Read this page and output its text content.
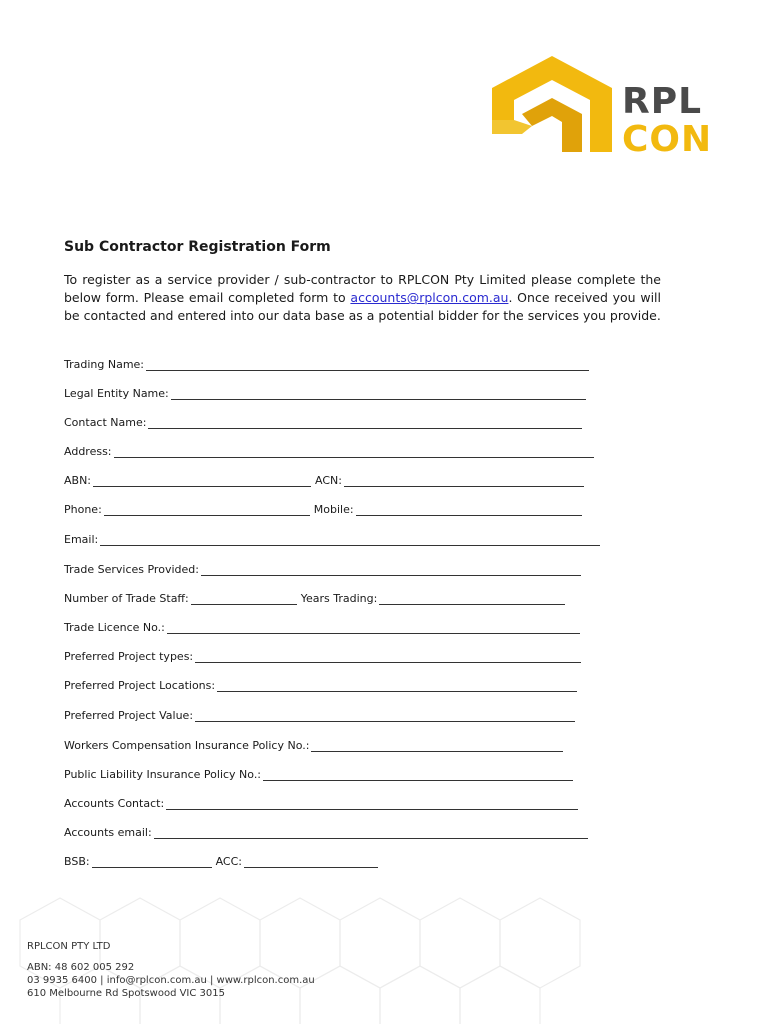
RPL
CON
Sub Contractor Registration Form

To register as a service provider / sub-contractor to RPLCON Pty Limited please complete the below form. Please email completed form to accounts@rplcon.com.au. Once received you will be contacted and entered into our data base as a potential bidder for the services you provide.

Trading Name:
Legal Entity Name:
Contact Name:
Address:
ABN:	ACN:
Phone:	Mobile:
Email:
Trade Services Provided:
Number of Trade Staff:	Years Trading:
Trade Licence No.:
Preferred Project types:
Preferred Project Locations:
Preferred Project Value:
Workers Compensation Insurance Policy No.:
Public Liability Insurance Policy No.:
Accounts Contact:
Accounts email:
BSB:	ACC:
RPLCON PTY LTD
ABN: 48 602 005 292
03 9935 6400 | info@rplcon.com.au | www.rplcon.com.au
610 Melbourne Rd Spotswood VIC 3015
